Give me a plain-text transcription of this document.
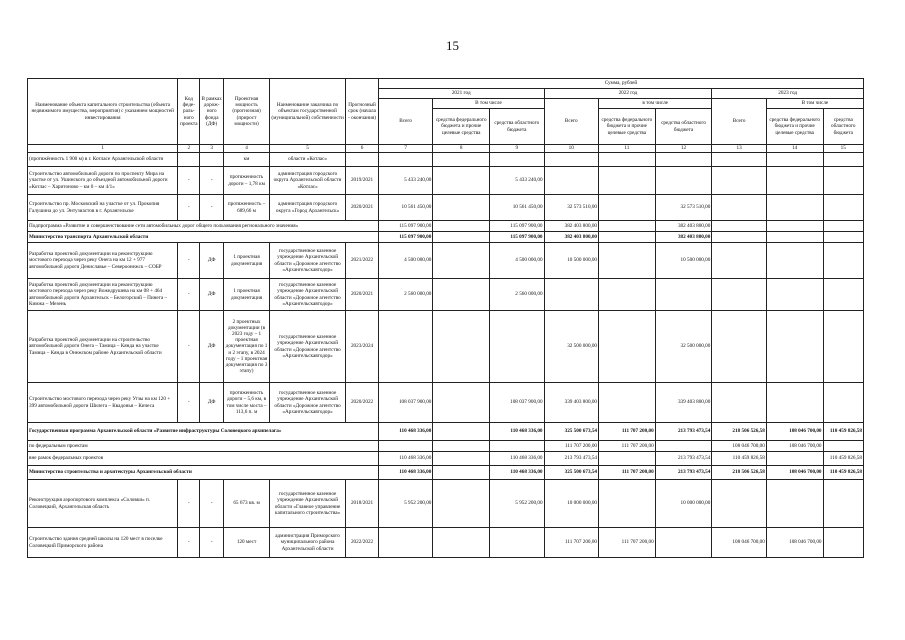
15
Наименование объекта капитального строительства (объекта недвижимого имущества, мероприятия) с указанием мощностей инвестирования	Код феде-раль-ного проекта	В рамках дорож-ного фонда (ДФ)	Проектная мощность (прогнозная) (прирост мощности)	Наименование заказчика по объектам государственной (муниципальной) собственности	Прогнозный срок (начала - окончания)	Сумма, рублей								
						2021 год			2022 год			2023 год		
						Всего	В том числе		Всего	в том числе		Всего	В том числе	
							средства федерального бюджета и прочие целевые средства	средства областного бюджета		средства федерального бюджета и прочие целевые средства	средства областного бюджета		средства федерального бюджета и прочие целевые средства	средства областного бюджета
1	2	3	4	5	6	7	8	9	10	11	12	13	14	15
(протяжённость 1 900 м) в г. Котласе Архангельской области			км	области «Котлас»										
Строительство автомобильной дороги по проспекту Мира на участке от ул. Ушинского до объездной автомобильной дороги «Котлас – Харитоново – км 0 – км 4/1»	-	-	протяженность дороги – 1,78 км	администрация городского округа Архангельской области «Котлас»	2019/2021	5 433 240,00		5 433 240,00						
Строительство пр. Московский на участке от ул. Прокопия Галушина до ул. Энтузиастов в г. Архангельске	-	-	протяженность – 689,66 м	администрация городского округа «Город Архангельск»	2020/2021	10 561 450,00		10 561 450,00	32 573 510,00		32 573 510,00			
Подпрограмма «Развитие и совершенствование сети автомобильных дорог общего пользования регионального значения»						115 097 900,00		115 097 900,00	382 403 800,00		382 403 800,00			
Министерство транспорта Архангельской области						115 097 900,00		115 097 900,00	382 403 800,00		382 403 800,00			
Разработка проектной документации на реконструкцию мостового перехода через реку Онега на км 12 + 977 автомобильной дороги Дениславье – Североонежск – СОБР	-	ДФ	1 проектная документация	государственное казенное учреждение Архангельской области «Дорожное агентство «Архангельскавтодор»	2021/2022	4 500 000,00		4 500 000,00	10 500 000,00		10 500 000,00			
Разработка проектной документации на реконструкцию мостового перехода через реку Вожедрушева на км 08 + 464 автомобильной дороги Архангельск – Белогорский – Пинега – Кимжа – Мезень	-	ДФ	1 проектная документация	государственное казенное учреждение Архангельской области «Дорожное агентство «Архангельскавтодор»	2020/2021	2 560 000,00		2 560 000,00						
Разработка проектной документации на строительство автомобильной дороги Онега – Тамица – Кянда на участке Тамица – Кянда в Онежском районе Архангельской области	-	ДФ	2 проектных документации (в 2023 году – 1 проектная документация по 1 и 2 этапу, в 2024 году – 1 проектная документация по 3 этапу)	государственное казенное учреждение Архангельской области «Дорожное агентство «Архангельскавтодор»	2023/2024				32 500 000,00		32 500 000,00			
Строительство мостового перехода через реку Угзы на км 120 + 399 автомобильной дороги Шилега – Квадонья – Кичеса	-	ДФ	протяженность дороги – 5,6 км, в том числе моста – 113,6 п. м	государственное казенное учреждение Архангельской области «Дорожное агентство «Архангельскавтодор»	2020/2022	108 037 900,00		108 037 900,00	339 403 800,00		339 403 800,00			
Государственная программа Архангельской области «Развитие инфраструктуры Соловецкого архипелага»						110 468 336,00		110 468 336,00	325 500 673,54	111 707 200,00	213 793 473,54	218 506 526,58	108 046 700,00	110 459 826,58
по федеральным проектам									111 707 200,00	111 707 200,00		108 046 700,00	108 046 700,00	
вне рамок федеральных проектов						110 468 336,00		110 468 336,00	213 793 473,54		213 793 473,54	110 459 826,58		110 459 826,58
Министерство строительства и архитектуры Архангельской области						110 468 336,00		110 468 336,00	325 500 673,54	111 707 200,00	213 793 473,54	218 506 526,58	108 046 700,00	110 459 826,58
Реконструкция аэропортового комплекса «Соловки» п. Соловецкий, Архангельская область	-	-	65 673 кв. м	государственное казенное учреждение Архангельской области «Главное управление капитального строительства»	2018/2021	5 952 200,00		5 952 200,00	10 000 000,00		10 000 000,00			
Строительство здания средней школы на 120 мест в поселке Соловецкий Приморского района	-	-	120 мест	администрация Приморского муниципального района Архангельской области	2022/2022				111 707 200,00	111 707 200,00		108 046 700,00	108 046 700,00	
